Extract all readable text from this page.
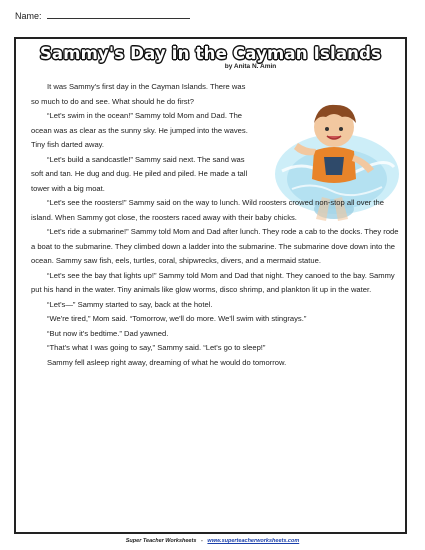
Name:
Sammy's Day in the Cayman Islands
by Anita N. Amin

It was Sammy's first day in the Cayman Islands. There was so much to do and see. What should he do first?

“Let's swim in the ocean!” Sammy told Mom and Dad. The ocean was as clear as the sunny sky. He jumped into the waves. Tiny fish darted away.

“Let's build a sandcastle!” Sammy said next. The sand was soft and tan. He dug and dug. He piled and piled. He made a tall tower with a big moat.

“Let's see the roosters!” Sammy said on the way to lunch. Wild roosters crowed non-stop all over the island. When Sammy got close, the roosters raced away with their baby chicks.

“Let's ride a submarine!” Sammy told Mom and Dad after lunch. They rode a cab to the docks. They rode a boat to the submarine. They climbed down a ladder into the submarine. The submarine dove down into the ocean. Sammy saw fish, eels, turtles, coral, shipwrecks, divers, and a mermaid statue.

“Let's see the bay that lights up!” Sammy told Mom and Dad that night. They canoed to the bay. Sammy put his hand in the water. Tiny animals like glow worms, disco shrimp, and plankton lit up in the water.

“Let's—” Sammy started to say, back at the hotel.

“We're tired,” Mom said. “Tomorrow, we'll do more. We'll swim with stingrays.”

“But now it's bedtime.” Dad yawned.

“That's what I was going to say,” Sammy said. “Let's go to sleep!”

Sammy fell asleep right away, dreaming of what he would do tomorrow.

Super Teacher Worksheets - www.superteacherworksheets.com
